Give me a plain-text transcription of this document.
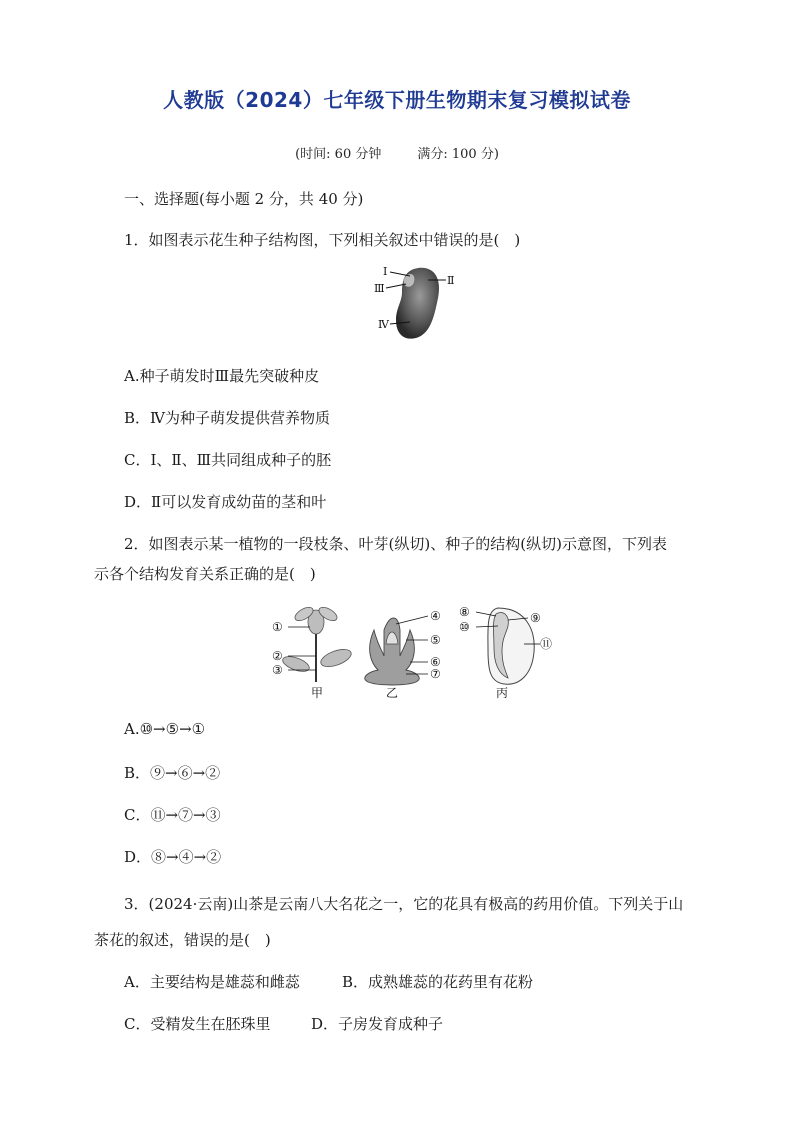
人教版（2024）七年级下册生物期末复习模拟试卷
(时间: 60 分钟	满分: 100 分)
一、选择题(每小题 2 分，共 40 分)
1．如图表示花生种子结构图，下列相关叙述中错误的是(　)
Ⅰ
Ⅱ
Ⅲ
Ⅳ
A.种子萌发时Ⅲ最先突破种皮
B．Ⅳ为种子萌发提供营养物质
C．Ⅰ、Ⅱ、Ⅲ共同组成种子的胚
D．Ⅱ可以发育成幼苗的茎和叶
2．如图表示某一植物的一段枝条、叶芽(纵切)、种子的结构(纵切)示意图，下列表
示各个结构发育关系正确的是(　)
①
②
③
甲
④
⑤
⑥
⑦
乙
⑧
⑩
⑨
⑪
丙
A.⑩→⑤→①
B．⑨→⑥→②
C．⑪→⑦→③
D．⑧→④→②
3．(2024·云南)山茶是云南八大名花之一，它的花具有极高的药用价值。下列关于山
茶花的叙述，错误的是(　)
A．主要结构是雄蕊和雌蕊	B．成熟雄蕊的花药里有花粉
C．受精发生在胚珠里	D．子房发育成种子
